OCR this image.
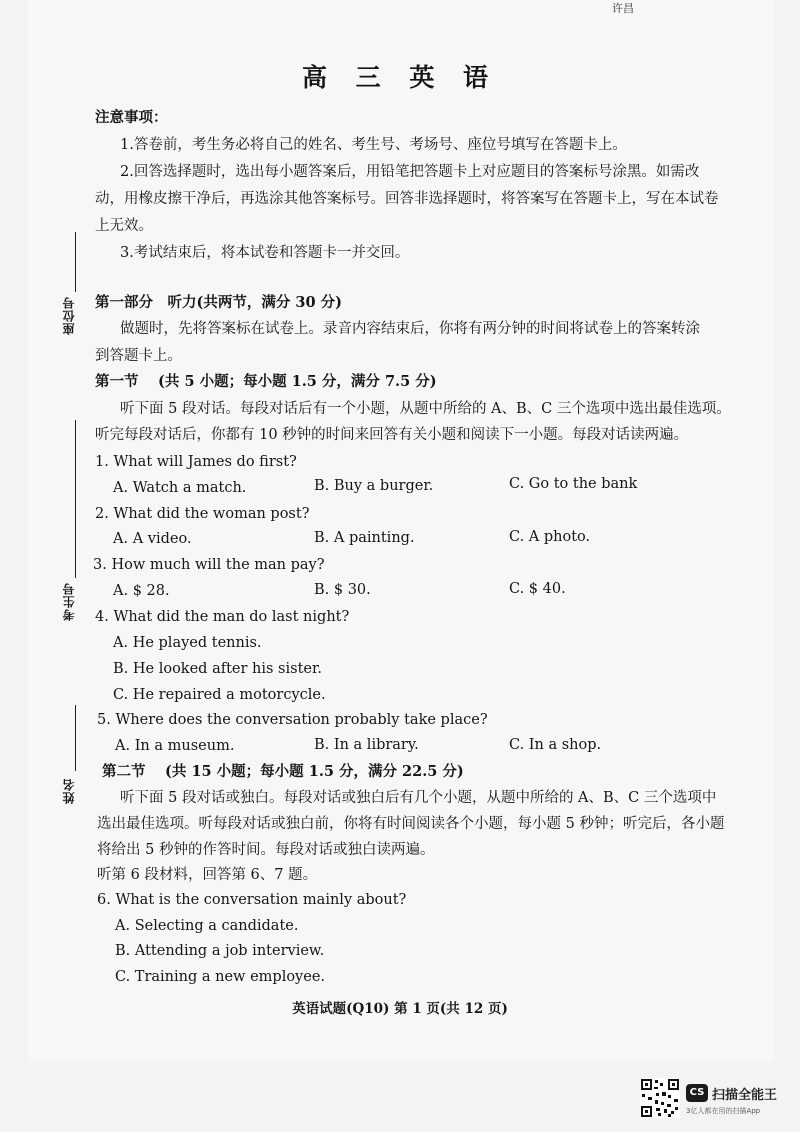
许昌
高 三 英 语
注意事项：
1.答卷前，考生务必将自己的姓名、考生号、考场号、座位号填写在答题卡上。
2.回答选择题时，选出每小题答案后，用铅笔把答题卡上对应题目的答案标号涂黑。如需改
动，用橡皮擦干净后，再选涂其他答案标号。回答非选择题时，将答案写在答题卡上，写在本试卷
上无效。
3.考试结束后，将本试卷和答题卡一并交回。
第一部分　听力(共两节，满分 30 分)
做题时，先将答案标在试卷上。录音内容结束后，你将有两分钟的时间将试卷上的答案转涂
到答题卡上。
第一节　 (共 5 小题；每小题 1.5 分，满分 7.5 分)
听下面 5 段对话。每段对话后有一个小题，从题中所给的 A、B、C 三个选项中选出最佳选项。
听完每段对话后，你都有 10 秒钟的时间来回答有关小题和阅读下一小题。每段对话读两遍。
1. What will James do first?
A. Watch a match.	B. Buy a burger.	C. Go to the bank
2. What did the woman post?
A. A video.	B. A painting.	C. A photo.
3. How much will the man pay?
A. $ 28.	B. $ 30.	C. $ 40.
4. What did the man do last night?
A. He played tennis.
B. He looked after his sister.
C. He repaired a motorcycle.
5. Where does the conversation probably take place?
A. In a museum.	B. In a library.	C. In a shop.
第二节　 (共 15 小题；每小题 1.5 分，满分 22.5 分)
听下面 5 段对话或独白。每段对话或独白后有几个小题，从题中所给的 A、B、C 三个选项中
选出最佳选项。听每段对话或独白前，你将有时间阅读各个小题，每小题 5 秒钟；听完后，各小题
将给出 5 秒钟的作答时间。每段对话或独白读两遍。
听第 6 段材料，回答第 6、7 题。
6. What is the conversation mainly about?
A. Selecting a candidate.
B. Attending a job interview.
C. Training a new employee.
座位号
考生号
姓名
英语试题(Q10) 第 1 页(共 12 页)
CS 扫描全能王
3亿人都在用的扫描App
